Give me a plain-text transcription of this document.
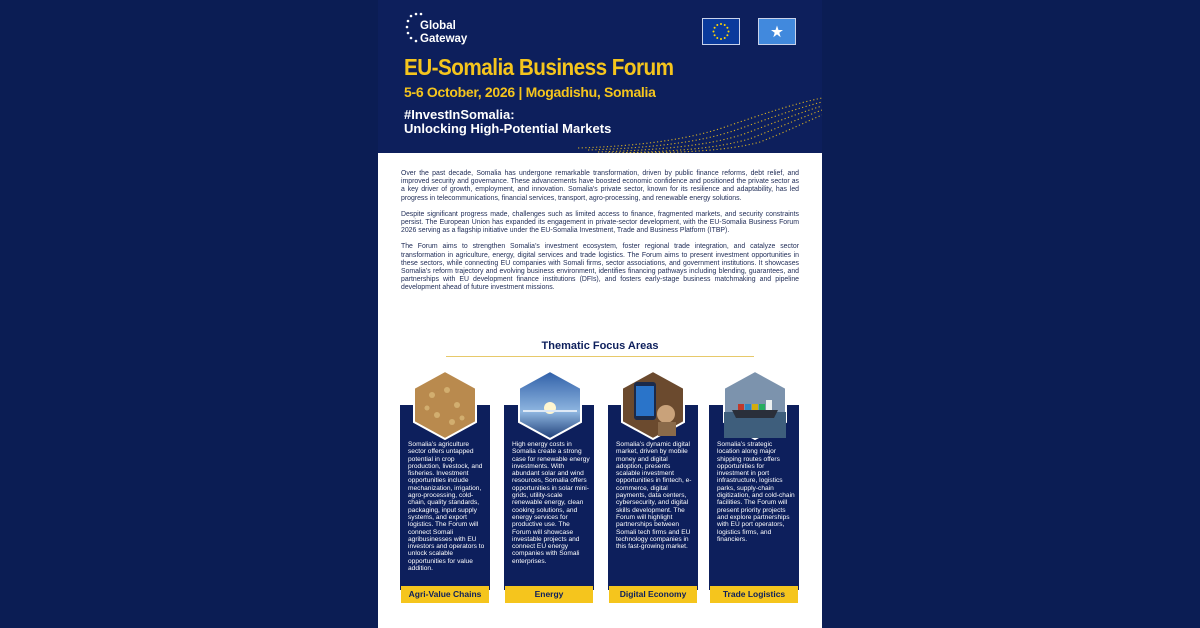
Global
Gateway
EU-Somalia Business Forum
5-6 October, 2026 | Mogadishu, Somalia
#InvestInSomalia:
Unlocking High-Potential Markets

Over the past decade, Somalia has undergone remarkable transformation, driven by public finance reforms, debt relief, and improved security and governance. These advancements have boosted economic confidence and positioned the private sector as a key driver of growth, employment, and innovation. Somalia’s private sector, known for its resilience and adaptability, has led progress in telecommunications, financial services, transport, agro-processing, and renewable energy solutions.

Despite significant progress made, challenges such as limited access to finance, fragmented markets, and security constraints persist. The European Union has expanded its engagement in private-sector development, with the EU-Somalia Business Forum 2026 serving as a flagship initiative under the EU-Somalia Investment, Trade and Business Platform (ITBP).

The Forum aims to strengthen Somalia’s investment ecosystem, foster regional trade integration, and catalyze sector transformation in agriculture, energy, digital services and trade logistics. The Forum aims to present investment opportunities in these sectors, while connecting EU companies with Somali firms, sector associations, and government institutions. It showcases Somalia’s reform trajectory and evolving business environment, identifies financing pathways including blending, guarantees, and partnerships with EU development finance institutions (DFIs), and fosters early-stage business matchmaking and pipeline development ahead of future investment missions.

Thematic Focus Areas
Somalia’s agriculture sector offers untapped potential in crop production, livestock, and fisheries. Investment opportunities include mechanization, irrigation, agro-processing, cold-chain, quality standards, packaging, input supply systems, and export logistics. The Forum will connect Somali agribusinesses with EU investors and operators to unlock scalable opportunities for value addition.
Agri-Value Chains
High energy costs in Somalia create a strong case for renewable energy investments. With abundant solar and wind resources, Somalia offers opportunities in solar mini-grids, utility-scale renewable energy, clean cooking solutions, and energy services for productive use. The Forum will showcase investable projects and connect EU energy companies with Somali enterprises.
Energy
Somalia’s dynamic digital market, driven by mobile money and digital adoption, presents scalable investment opportunities in fintech, e-commerce, digital payments, data centers, cybersecurity, and digital skills development. The Forum will highlight partnerships between Somali tech firms and EU technology companies in this fast-growing market.
Digital Economy
Somalia’s strategic location along major shipping routes offers opportunities for investment in port infrastructure, logistics parks, supply-chain digitization, and cold-chain facilities. The Forum will present priority projects and explore partnerships with EU port operators, logistics firms, and financiers.
Trade Logistics
